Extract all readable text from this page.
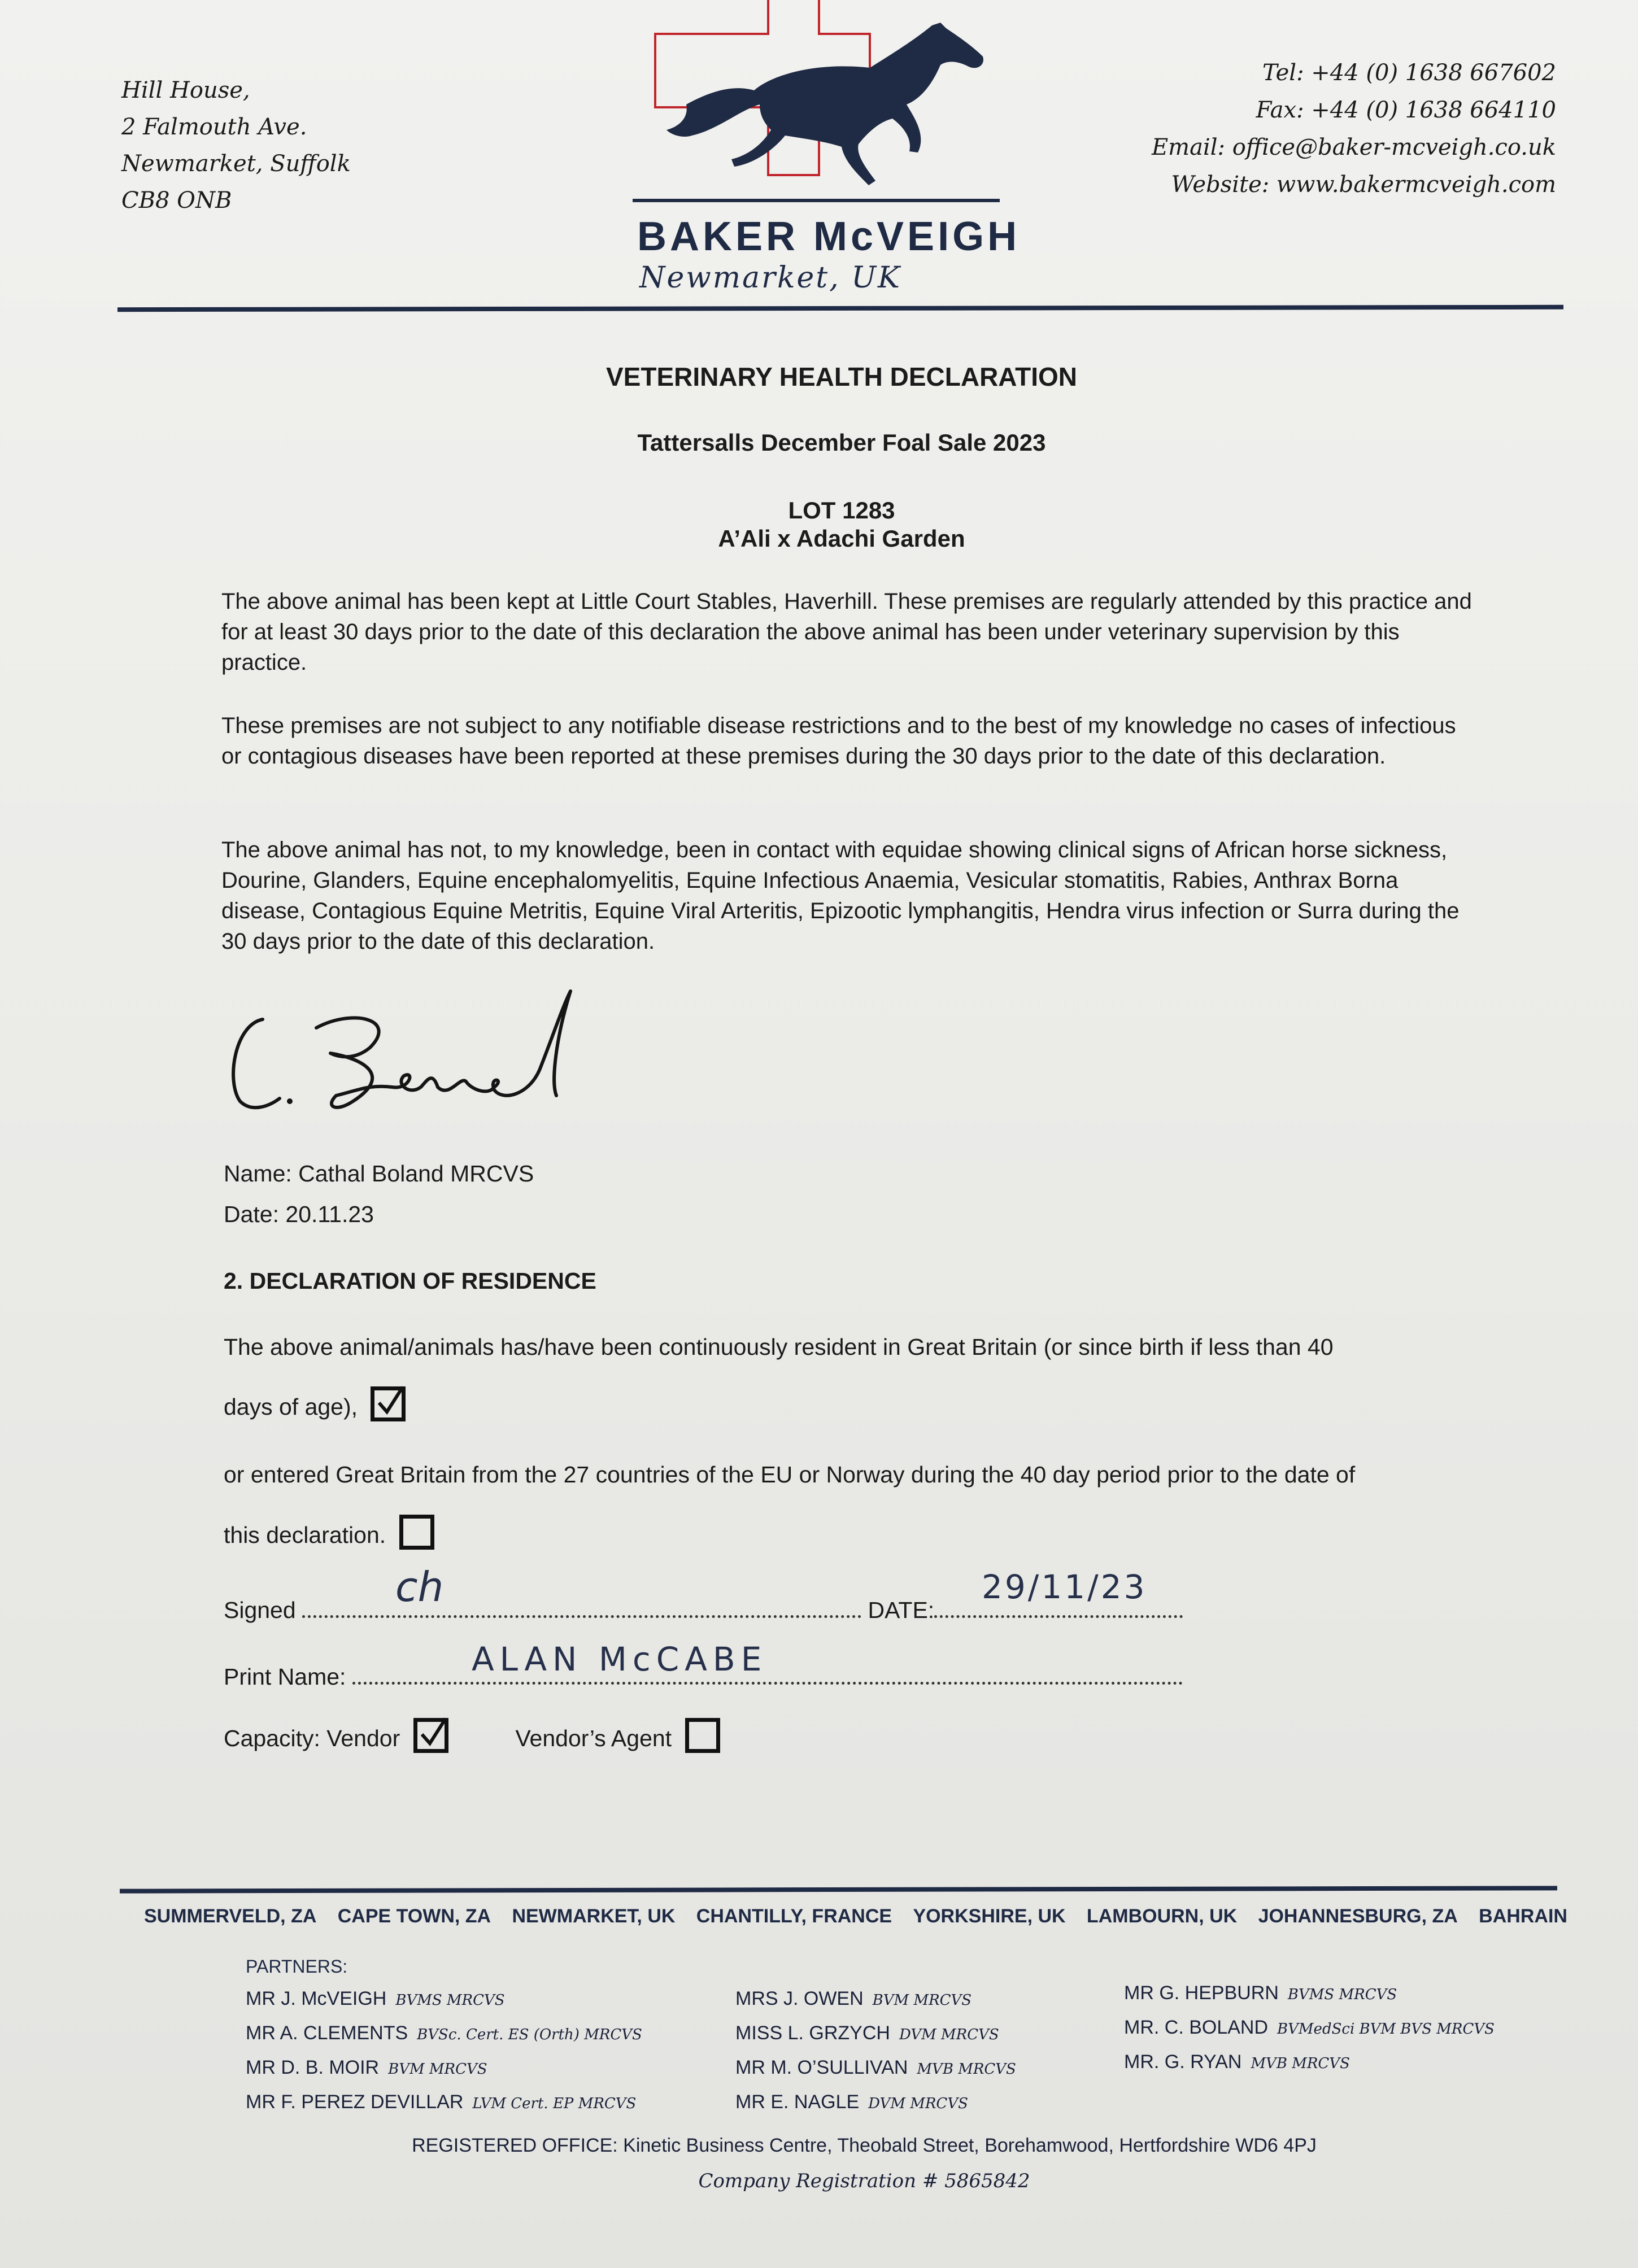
Hill House,
2 Falmouth Ave.
Newmarket, Suffolk
CB8 ONB
BAKER McVEIGH
Newmarket, UK
Tel: +44 (0) 1638 667602
Fax: +44 (0) 1638 664110
Email: office@baker-mcveigh.co.uk
Website: www.bakermcveigh.com
VETERINARY HEALTH DECLARATION
Tattersalls December Foal Sale 2023
LOT 1283
A’Ali x Adachi Garden
The above animal has been kept at Little Court Stables, Haverhill. These premises are regularly attended by this practice and for at least 30 days prior to the date of this declaration the above animal has been under veterinary supervision by this practice.
These premises are not subject to any notifiable disease restrictions and to the best of my knowledge no cases of infectious or contagious diseases have been reported at these premises during the 30 days prior to the date of this declaration.
The above animal has not, to my knowledge, been in contact with equidae showing clinical signs of African horse sickness, Dourine, Glanders, Equine encephalomyelitis, Equine Infectious Anaemia, Vesicular stomatitis, Rabies, Anthrax Borna disease, Contagious Equine Metritis, Equine Viral Arteritis, Epizootic lymphangitis, Hendra virus infection or Surra during the 30 days prior to the date of this declaration.
Name: Cathal Boland MRCVS
Date: 20.11.23
2. DECLARATION OF RESIDENCE
The above animal/animals has/have been continuously resident in Great Britain (or since birth if less than 40
days of age),
or entered Great Britain from the 27 countries of the EU or Norway during the 40 day period prior to the date of
this declaration.
Signed	DATE:
ch	29/11/23
Print Name:	ALAN McCABE
Capacity: Vendor	Vendor’s Agent
SUMMERVELD, ZA CAPE TOWN, ZA NEWMARKET, UK CHANTILLY, FRANCE YORKSHIRE, UK LAMBOURN, UK JOHANNESBURG, ZA BAHRAIN
PARTNERS:
MR J. McVEIGH BVMS MRCVS
MR A. CLEMENTS BVSc. Cert. ES (Orth) MRCVS
MR D. B. MOIR BVM MRCVS
MR F. PEREZ DEVILLAR LVM Cert. EP MRCVS
MRS J. OWEN BVM MRCVS
MISS L. GRZYCH DVM MRCVS
MR M. O’SULLIVAN MVB MRCVS
MR E. NAGLE DVM MRCVS
MR G. HEPBURN BVMS MRCVS
MR. C. BOLAND BVMedSci BVM BVS MRCVS
MR. G. RYAN MVB MRCVS
REGISTERED OFFICE: Kinetic Business Centre, Theobald Street, Borehamwood, Hertfordshire WD6 4PJ
Company Registration # 5865842
